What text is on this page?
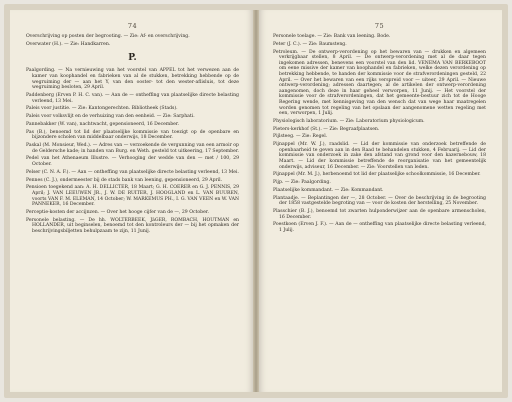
74

Overschrijving op posten der begrooting. — Zie: Af- en overschrijving.

Overwater (H.). — Zie: Handkarren.

P.

Paalgording. — Na vernieuwing van het voorstel van APPEL tot het verwezen aan de kamer van koophandel en fabrieken van al de stukken, betrekking hebbende op de wegruiming der — aan het Y, van den ooster- tot den wester-aflisluis, tot deze wegruiming besloten, 29 April.

Paddenberg (Erven P. H. C. van). — Aan de — ontheffing van plaatselijke directe belasting verleend, 13 Mei.

Paleis voor justitie. — Zie: Kantongerechten. Bibliotheek (Stads).

Paleis voor volksvlijt en de verhuizing van den eenheid. — Zie: Sarphati.

Pannebakker (W. van), nachtwacht, gepensioneerd, 16 December.

Pas (B.), benoemd tot lid der plaatselijke kommissie van toezigt op de openbare en bijzondere scholen van middelbaar onderwijs, 18 December.

Paskal (M. Monsieur, Wed.). — Adres van — verzoekende de vergunning van een armoir op de Geldersche kade; in handen van Burg. en Weth. gesteld tot uitkeering, 17 September.

Pedel van het Athenaeum Illustre. — Verhooging der wedde van den — met / 100, 29 October.

Pelser (C. N. A. F.). — Aan — ontheffing van plaatselijke directe belasting verleend, 13 Mei.

Pennes (C. J.), ondermeester bij de stads bank van leening, gepensioneerd, 29 April.

Pensioen toegekend aan: A. H. DELLICTER, 18 Maart; G. H. COERER en G. J. PENNIS, 29 April; J. VAN LEEUWEN JR., J. W. DE RUITER, J. HOOGLAND en L. VAN BUUREN, voorts VAN F. M. ELEMAN, 14 October; W. MARKEMUS PH., I. G. VAN VEEN en W. VAN PANNEKER, 16 December.

Perceptie-kosten der accijnzen. — Over het hooge cijfer van de —, 29 October.

Personele belasting. — De hh. WOLTERBEEK, JäGER, ROMBACH, HOUTMAN en HOLLANDER, uit beginselen, benoemd tot den kontroleurs der — bij het opmaken der beschrijvingsbiljetten behulpzaam te zijn, 11 Junij.

75

Personele toelage. — Zie: Bank van leening. Bode.

Peter (J. C.). — Zie: Baumsteng.

Petroleum. — De ontwerp-verordening op het bewaren van — drukken en algemeen verkrijgbaar stellen, 8 April. — De ontwerp-verordening met al de daar tegen ingekomen adressen, benevens een voorstel van den lid. VENEMA VAN BERKEBOOT om eene missive der kamer van koophandel en fabrieken, welke dezen verordening op betrekking hebbende, te handen der kommissie voor de strafverordeningen gesteld, 22 April. — Over het bewaren van een rijks verspreid voor — uiteer, 29 April. — Nieuwe ontwerp-verordening; adressen daartegen; al de artikelen der ontwerp-verordening aangenomen, doch deze in haar geheel verworpen, 11 Junij. — Het voorstel der kommissie voor de strafverordeningen, dat het gemeente-bestuur zich tot de Hooge Regering wende, met kennisgeving van den wensch dat van wege haar maatregelen worden genomen tot regeling van het opslaan der aangenomene wetten regeling met een, verworpen, 1 Julij.

Physiologisch laboratorium. — Zie: Laboratorium physiologicum.

Pieters-kerkhof (St.). — Zie: Begraafplaatsen.

Pijlsteeg. — Zie: Regel.

Pijnappel (Mr. W. J.), raadslid. — Lid der kommissie van onderzoek betreffende de openbaarheid te geven aan in den Raad te behandelen stukken, 4 Februarij. — Lid der kommissie van onderzoek in zake den afstand van grond voor den kazernebouw, 18 Maart. — Lid der kommissie betreffende de reorganisatie van het gemeentelijk onderwijs, adviseur, 16 December. — Zie: Voorstellen van leden.

Pijnappel (Mr. M. J.), herbenoemd tot lid der plaatselijke schoolkommissie, 16 December.

Pijp. — Zie: Paalgording.

Plaatselijke kommandant. — Zie: Kommandant.

Plantaadje. — Beplantingen der —, 28 October. — Over de beschrijving in de begrooting der 1858 vastgestelde begroting van — voor de kosten der herstelling, 25 November.

Plasschier (B. J.), benoemd tot zwarten hulponderwijzer aan de openbare armenscholen, 16 December.

Poestkoen (Erven J. F.). — Aan de — ontheffing van plaatselijke directe belasting verleend, 1 Julij.
